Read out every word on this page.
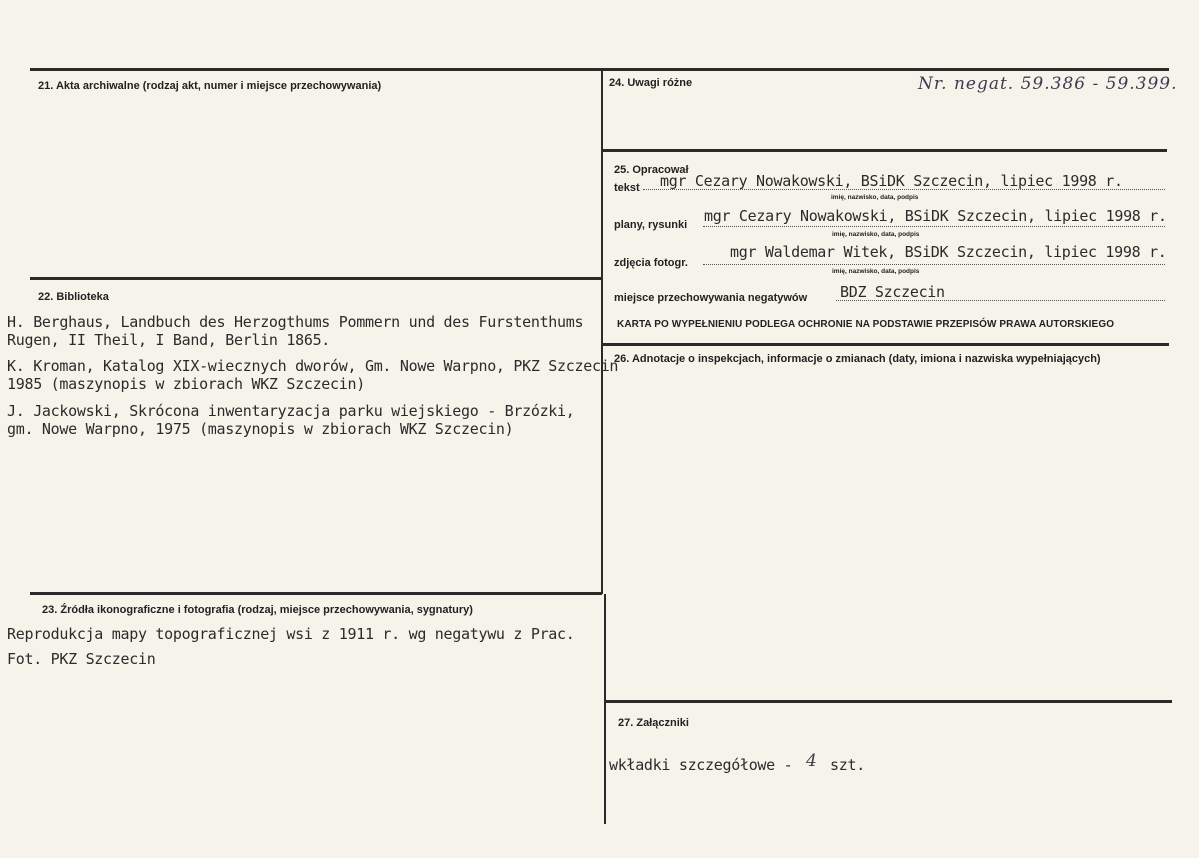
21. Akta archiwalne (rodzaj akt, numer i miejsce przechowywania)
22. Biblioteka
H. Berghaus, Landbuch des Herzogthums Pommern und des Furstenthums
Rugen, II Theil, I Band, Berlin 1865.
K. Kroman, Katalog XIX-wiecznych dworów, Gm. Nowe Warpno, PKZ Szczecin
1985 (maszynopis w zbiorach WKZ Szczecin)
J. Jackowski, Skrócona inwentaryzacja parku wiejskiego - Brzózki,
gm. Nowe Warpno, 1975 (maszynopis w zbiorach WKZ Szczecin)
23. Źródła ikonograficzne i fotografia (rodzaj, miejsce przechowywania, sygnatury)
Reprodukcja mapy topograficznej wsi z 1911 r. wg negatywu z Prac.
Fot. PKZ Szczecin
24. Uwagi różne	Nr. negat. 59.386 - 59.399.
25. Opracował
tekst mgr Cezary Nowakowski, BSiDK Szczecin, lipiec 1998 r.
imię, nazwisko, data, podpis
plany, rysunki mgr Cezary Nowakowski, BSiDK Szczecin, lipiec 1998 r.
imię, nazwisko, data, podpis
zdjęcia fotogr.
mgr Waldemar Witek, BSiDK Szczecin, lipiec 1998 r.
imię, nazwisko, data, podpis
miejsce przechowywania negatywów BDZ Szczecin
KARTA PO WYPEŁNIENIU PODLEGA OCHRONIE NA PODSTAWIE PRZEPISÓW PRAWA AUTORSKIEGO
26. Adnotacje o inspekcjach, informacje o zmianach (daty, imiona i nazwiska wypełniających)
27. Załączniki
wkładki szczegółowe - 4 szt.
